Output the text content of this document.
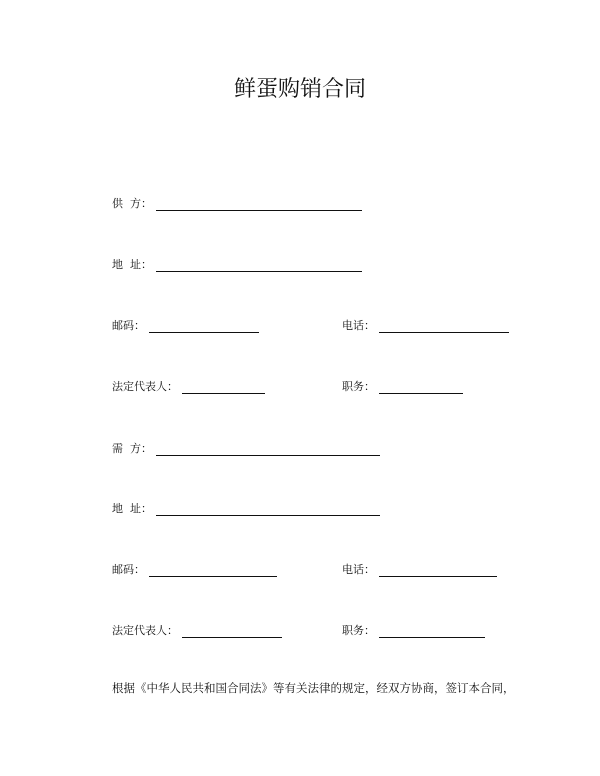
鲜蛋购销合同
供  方：
地  址：
邮码：	电话：
法定代表人：	职务：
需  方：
地  址：
邮码：	电话：
法定代表人：	职务：
根据《中华人民共和国合同法》等有关法律的规定，经双方协商，签订本合同，
